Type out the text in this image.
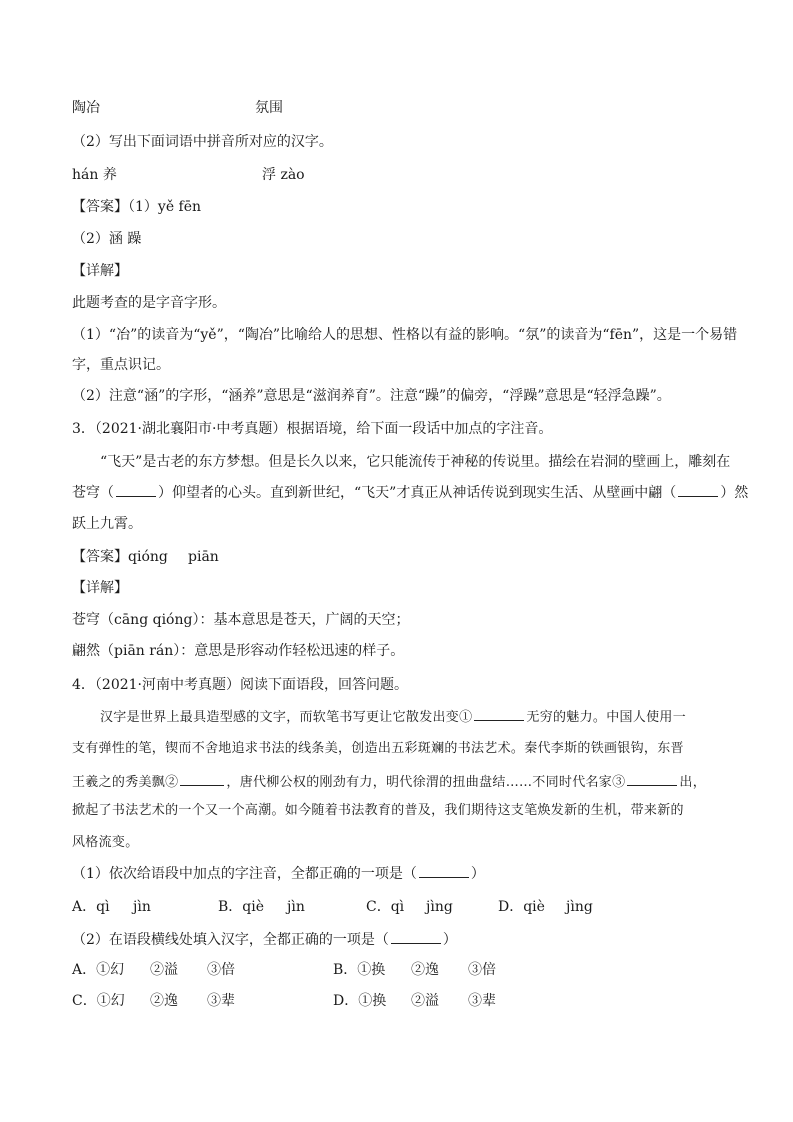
陶冶	氛围
（2）写出下面词语中拼音所对应的汉字。
hán 养	浮 zào
【答案】（1）yě fēn
（2）涵 躁
【详解】
此题考查的是字音字形。
（1）“冶”的读音为“yě”，“陶冶”比喻给人的思想、性格以有益的影响。“氛”的读音为“fēn”，这是一个易错
字，重点识记。
（2）注意“涵”的字形，“涵养”意思是“滋润养育”。注意“躁”的偏旁，“浮躁”意思是“轻浮急躁”。
3．（2021·湖北襄阳市·中考真题）根据语境，给下面一段话中加点的字注音。
“飞天”是古老的东方梦想。但是长久以来，它只能流传于神秘的传说里。描绘在岩洞的壁画上，雕刻在
苍穹（	）仰望者的心头。直到新世纪，“飞天”才真正从神话传说到现实生活、从壁画中翩（	）然
跃上九霄。
【答案】qióng piān
【详解】
苍穹（cāng qióng）：基本意思是苍天，广阔的天空；
翩然（piān rán）：意思是形容动作轻松迅速的样子。
4．（2021·河南中考真题）阅读下面语段，回答问题。
汉字是世界上最具造型感的文字，而软笔书写更让它散发出变①	无穷的魅力。中国人使用一
支有弹性的笔，锲而不舍地追求书法的线条美，创造出五彩斑斓的书法艺术。秦代李斯的铁画银钩，东晋
王羲之的秀美飘②	，唐代柳公权的刚劲有力，明代徐渭的扭曲盘结……不同时代名家③	出，
掀起了书法艺术的一个又一个高潮。如今随着书法教育的普及，我们期待这支笔焕发新的生机，带来新的
风格流变。
（1）依次给语段中加点的字注音，全都正确的一项是（	）
A．qì jìn	B．qiè jìn	C．qì jìng	D．qiè jìng
（2）在语段横线处填入汉字，全都正确的一项是（	）
A．①幻 ②溢 ③倍	B．①换 ②逸 ③倍
C．①幻 ②逸 ③辈	D．①换 ②溢 ③辈
